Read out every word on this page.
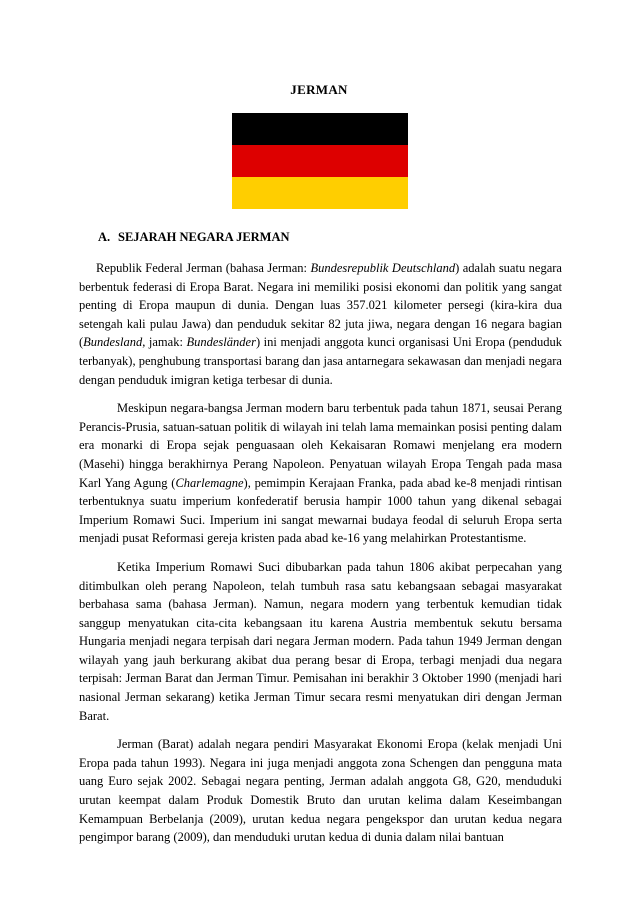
JERMAN
A. SEJARAH NEGARA JERMAN

Republik Federal Jerman (bahasa Jerman: Bundesrepublik Deutschland) adalah suatu negara berbentuk federasi di Eropa Barat. Negara ini memiliki posisi ekonomi dan politik yang sangat penting di Eropa maupun di dunia. Dengan luas 357.021 kilometer persegi (kira-kira dua setengah kali pulau Jawa) dan penduduk sekitar 82 juta jiwa, negara dengan 16 negara bagian (Bundesland, jamak: Bundesländer) ini menjadi anggota kunci organisasi Uni Eropa (penduduk terbanyak), penghubung transportasi barang dan jasa antarnegara sekawasan dan menjadi negara dengan penduduk imigran ketiga terbesar di dunia.

Meskipun negara-bangsa Jerman modern baru terbentuk pada tahun 1871, seusai Perang Perancis-Prusia, satuan-satuan politik di wilayah ini telah lama memainkan posisi penting dalam era monarki di Eropa sejak penguasaan oleh Kekaisaran Romawi menjelang era modern (Masehi) hingga berakhirnya Perang Napoleon. Penyatuan wilayah Eropa Tengah pada masa Karl Yang Agung (Charlemagne), pemimpin Kerajaan Franka, pada abad ke-8 menjadi rintisan terbentuknya suatu imperium konfederatif berusia hampir 1000 tahun yang dikenal sebagai Imperium Romawi Suci. Imperium ini sangat mewarnai budaya feodal di seluruh Eropa serta menjadi pusat Reformasi gereja kristen pada abad ke-16 yang melahirkan Protestantisme.

Ketika Imperium Romawi Suci dibubarkan pada tahun 1806 akibat perpecahan yang ditimbulkan oleh perang Napoleon, telah tumbuh rasa satu kebangsaan sebagai masyarakat berbahasa sama (bahasa Jerman). Namun, negara modern yang terbentuk kemudian tidak sanggup menyatukan cita-cita kebangsaan itu karena Austria membentuk sekutu bersama Hungaria menjadi negara terpisah dari negara Jerman modern. Pada tahun 1949 Jerman dengan wilayah yang jauh berkurang akibat dua perang besar di Eropa, terbagi menjadi dua negara terpisah: Jerman Barat dan Jerman Timur. Pemisahan ini berakhir 3 Oktober 1990 (menjadi hari nasional Jerman sekarang) ketika Jerman Timur secara resmi menyatukan diri dengan Jerman Barat.

Jerman (Barat) adalah negara pendiri Masyarakat Ekonomi Eropa (kelak menjadi Uni Eropa pada tahun 1993). Negara ini juga menjadi anggota zona Schengen dan pengguna mata uang Euro sejak 2002. Sebagai negara penting, Jerman adalah anggota G8, G20, menduduki urutan keempat dalam Produk Domestik Bruto dan urutan kelima dalam Keseimbangan Kemampuan Berbelanja (2009), urutan kedua negara pengekspor dan urutan kedua negara pengimpor barang (2009), dan menduduki urutan kedua di dunia dalam nilai bantuan
